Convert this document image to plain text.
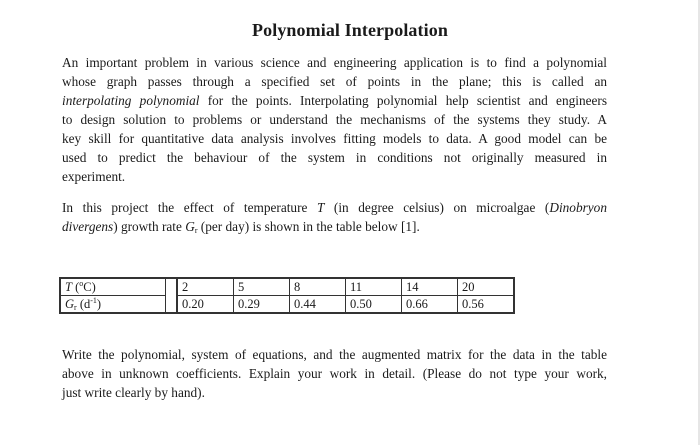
Polynomial Interpolation
An important problem in various science and engineering application is to find a polynomial
whose graph passes through a specified set of points in the plane; this is called an
interpolating polynomial for the points. Interpolating polynomial help scientist and engineers
to design solution to problems or understand the mechanisms of the systems they study. A
key skill for quantitative data analysis involves fitting models to data. A good model can be
used to predict the behaviour of the system in conditions not originally measured in
experiment.
In this project the effect of temperature T (in degree celsius) on microalgae (Dinobryon
divergens) growth rate $G_r$ (per day) is shown in the table below [1].
T ($^o$C)		2	5	8	11	14	20
$G_r$ $(d^{-1})$		0.20	0.29	0.44	0.50	0.66	0.56
Write the polynomial, system of equations, and the augmented matrix for the data in the table
above in unknown coefficients. Explain your work in detail. (Please do not type your work,
just write clearly by hand).
